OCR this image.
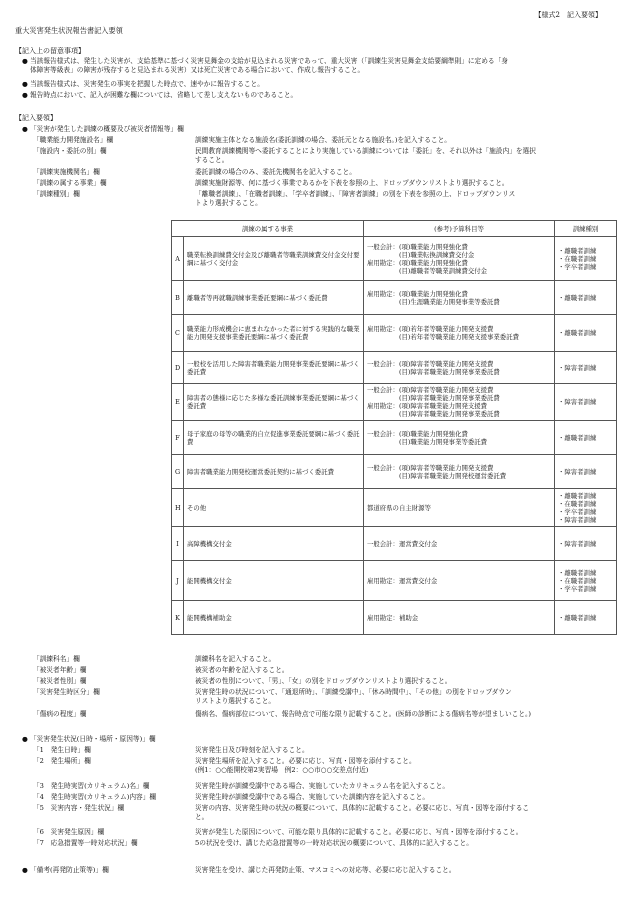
【様式2　記入要領】
重大災害発生状況報告書記入要領
【記入上の留意事項】
● 当該報告様式は、発生した災害が、支給基準に基づく災害見舞金の支給が見込まれる災害であって、重大災害（「訓練生災害見舞金支給要綱準則」に定める「身
体障害等級表」の障害が残存すると見込まれる災害）又は死亡災害である場合において、作成し報告すること。
● 当該報告様式は、災害発生の事実を把握した時点で、速やかに報告すること。
● 報告時点において、記入が困難な欄については、省略して差し支えないものであること。
【記入要領】
● 「災害が発生した訓練の概要及び被災者情報等」欄
「職業能力開発施設名」欄	訓練実施主体となる施設名(委託訓練の場合、委託元となる施設名。)を記入すること。
「施設内・委託の別」欄	民間教育訓練機関等へ委託することにより実施している訓練については「委託」を、それ以外は「施設内」を選択
すること。
「訓練実施機関名」欄	委託訓練の場合のみ、委託先機関名を記入すること。
「訓練の属する事業」欄	訓練実施財源等、何に基づく事業であるかを下表を参照の上、ドロップダウンリストより選択すること。
「訓練種別」欄	「離職者訓練」、「在職者訓練」、「学卒者訓練」、「障害者訓練」の別を下表を参照の上、ドロップダウンリス
トより選択すること。
訓練の属する事業		(参考)予算科目等	訓練種別
A	職業転換訓練費交付金及び離職者等職業訓練費交付金交付要綱に基づく交付金	一般会計：(項)職業能力開発強化費
　　　　　(目)職業転換訓練費交付金
雇用勘定：(項)職業能力開発強化費
　　　　　(目)離職者等職業訓練費交付金	・離職者訓練
・在職者訓練
・学卒者訓練

B	離職者等再就職訓練事業委託要綱に基づく委託費	雇用勘定：(項)職業能力開発強化費
　　　　　(目)生涯職業能力開発事業等委託費	・離職者訓練

C	職業能力形成機会に恵まれなかった者に対する実践的な職業能力開発支援事業委託要綱に基づく委託費	雇用勘定：(項)若年者等職業能力開発支援費
　　　　　(目)若年者等職業能力開発支援事業委託費	・離職者訓練

D	一般校を活用した障害者職業能力開発事業委託要綱に基づく委託費	一般会計：(項)障害者等職業能力開発支援費
　　　　　(目)障害者職業能力開発事業委託費	・障害者訓練

E	障害者の態様に応じた多様な委託訓練事業委託要綱に基づく委託費	一般会計：(項)障害者等職業能力開発支援費
　　　　　(目)障害者職業能力開発事業委託費
雇用勘定：(項)障害者職業能力開発支援費
　　　　　(目)障害者職業能力開発事業委託費	・障害者訓練

F	母子家庭の母等の職業的自立促進事業委託要綱に基づく委託費	一般会計：(項)職業能力開発強化費
　　　　　(目)職業能力開発事業等委託費	・離職者訓練

G	障害者職業能力開発校運営委託契約に基づく委託費	一般会計：(項)障害者等職業能力開発支援費
　　　　　(目)障害者職業能力開発校運営委託費	・障害者訓練

H	その他	都道府県の自主財源等	・離職者訓練
・在職者訓練
・学卒者訓練
・障害者訓練

I	高障機構交付金	一般会計：運営費交付金	・障害者訓練

J	能開機構交付金	雇用勘定：運営費交付金	・離職者訓練
・在職者訓練
・学卒者訓練

K	能開機構補助金	雇用勘定：補助金	・離職者訓練
「訓練科名」欄	訓練科名を記入すること。
「被災者年齢」欄	被災者の年齢を記入すること。
「被災者性別」欄	被災者の性別について、「男」、「女」の別をドロップダウンリストより選択すること。
「災害発生時区分」欄	災害発生時の状況について、「通退所時」、「訓練受講中」、「休み時間中」、「その他」の別をドロップダウン
リストより選択すること。
「傷病の程度」欄	傷病名、傷病部位について、報告時点で可能な限り記載すること。(医師の診断による傷病名等が望ましいこと。)
● 「災害発生状況(日時・場所・原因等)」欄
「1　発生日時」欄	災害発生日及び時刻を記入すること。
「2　発生場所」欄	災害発生場所を記入すること。必要に応じ、写真・図等を添付すること。
(例1：○○能開校第2実習場　例2：○○市○○交差点付近)
「3　発生時実習(カリキュラム)名」欄	災害発生時が訓練受講中である場合、実施していたカリキュラム名を記入すること。
「4　発生時実習(カリキュラム)内容」欄	災害発生時が訓練受講中である場合、実施していた訓練内容を記入すること。
「5　災害内容・発生状況」欄	災害の内容、災害発生時の状況の概要について、具体的に記載すること。必要に応じ、写真・図等を添付するこ
と。
「6　災害発生原因」欄	災害が発生した原因について、可能な限り具体的に記載すること。必要に応じ、写真・図等を添付すること。
「7　応急措置等一時対応状況」欄	5の状況を受け、講じた応急措置等の一時対応状況の概要について、具体的に記入すること。
● 「備考(再発防止策等)」欄	災害発生を受け、講じた再発防止策、マスコミへの対応等、必要に応じ記入すること。
